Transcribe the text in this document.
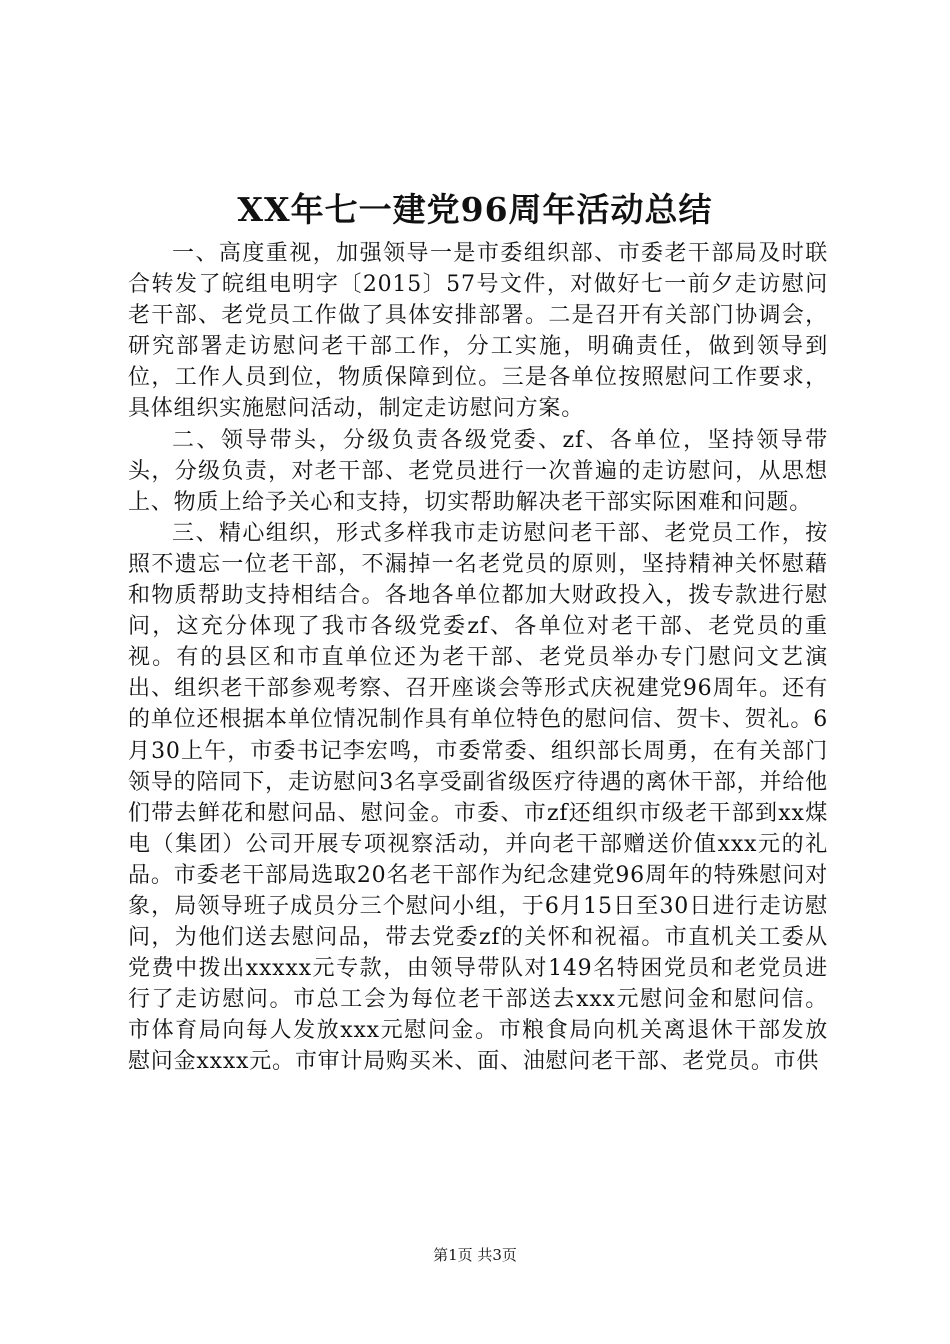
XX年七一建党96周年活动总结

一、高度重视，加强领导一是市委组织部、市委老干部局及时联合转发了皖组电明字〔2015〕57号文件，对做好七一前夕走访慰问老干部、老党员工作做了具体安排部署。二是召开有关部门协调会，研究部署走访慰问老干部工作，分工实施，明确责任，做到领导到位，工作人员到位，物质保障到位。三是各单位按照慰问工作要求，具体组织实施慰问活动，制定走访慰问方案。

二、领导带头，分级负责各级党委、zf、各单位，坚持领导带头，分级负责，对老干部、老党员进行一次普遍的走访慰问，从思想上、物质上给予关心和支持，切实帮助解决老干部实际困难和问题。

三、精心组织，形式多样我市走访慰问老干部、老党员工作，按照不遗忘一位老干部，不漏掉一名老党员的原则，坚持精神关怀慰藉和物质帮助支持相结合。各地各单位都加大财政投入，拨专款进行慰问，这充分体现了我市各级党委zf、各单位对老干部、老党员的重视。有的县区和市直单位还为老干部、老党员举办专门慰问文艺演出、组织老干部参观考察、召开座谈会等形式庆祝建党96周年。还有的单位还根据本单位情况制作具有单位特色的慰问信、贺卡、贺礼。6月30上午，市委书记李宏鸣，市委常委、组织部长周勇，在有关部门领导的陪同下，走访慰问3名享受副省级医疗待遇的离休干部，并给他们带去鲜花和慰问品、慰问金。市委、市zf还组织市级老干部到xx煤电（集团）公司开展专项视察活动，并向老干部赠送价值xxx元的礼品。市委老干部局选取20名老干部作为纪念建党96周年的特殊慰问对象，局领导班子成员分三个慰问小组，于6月15日至30日进行走访慰问，为他们送去慰问品，带去党委zf的关怀和祝福。市直机关工委从党费中拨出xxxxx元专款，由领导带队对149名特困党员和老党员进行了走访慰问。市总工会为每位老干部送去xxx元慰问金和慰问信。市体育局向每人发放xxx元慰问金。市粮食局向机关离退休干部发放慰问金xxxx元。市审计局购买米、面、油慰问老干部、老党员。市供

第1页 共3页
